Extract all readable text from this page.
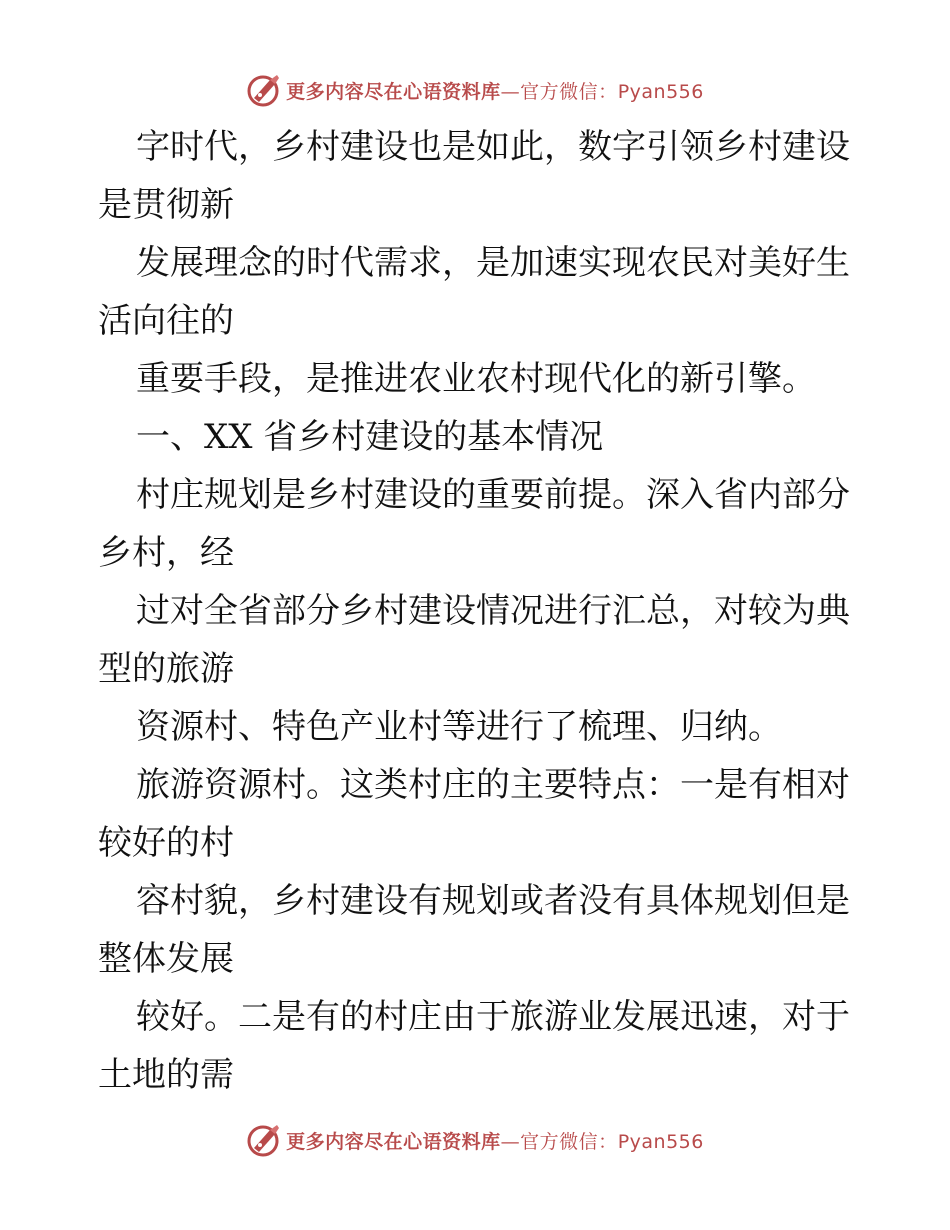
更多内容尽在心语资料库—官方微信：Pyan556

字时代，乡村建设也是如此，数字引领乡村建设

是贯彻新

发展理念的时代需求，是加速实现农民对美好生

活向往的

重要手段，是推进农业农村现代化的新引擎。

一、XX 省乡村建设的基本情况

村庄规划是乡村建设的重要前提。深入省内部分

乡村，经

过对全省部分乡村建设情况进行汇总，对较为典

型的旅游

资源村、特色产业村等进行了梳理、归纳。

旅游资源村。这类村庄的主要特点：一是有相对

较好的村

容村貌，乡村建设有规划或者没有具体规划但是

整体发展

较好。二是有的村庄由于旅游业发展迅速，对于

土地的需

更多内容尽在心语资料库—官方微信：Pyan556
